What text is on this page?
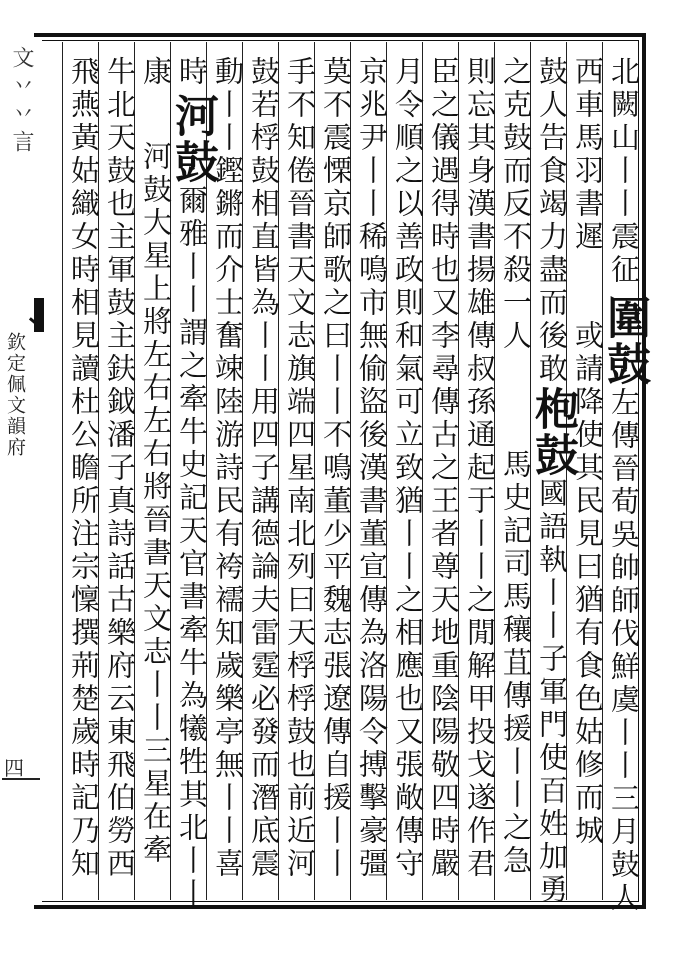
文丷丷言
欽定佩文韻府
四
北闕山丨丨震征圍鼓左傳晉荀吳帥師伐鮮虞丨丨三月鼓人
西車馬羽書遲或請降使其民見曰猶有食色姑修而城
鼓人告食竭力盡而後敢枹鼓國語執丨丨子軍門使百姓加勇
之克鼓而反不殺一人馬史記司馬穰苴傳援丨丨之急
則忘其身漢書揚雄傳叔孫通起于丨丨之閒解甲投戈遂作君
臣之儀遇得時也又李尋傳古之王者尊天地重陰陽敬四時嚴
月令順之以善政則和氣可立致猶丨丨之相應也又張敞傳守
京兆尹丨丨稀鳴市無偷盜後漢書董宣傳為洛陽令搏擊豪彊
莫不震慄京師歌之曰丨丨不鳴董少平魏志張遼傳自援丨丨
手不知倦晉書天文志旗端四星南北列曰天桴桴鼓也前近河
鼓若桴鼓相直皆為丨丨用四子講德論夫雷霆必發而潛底震
動丨丨鏗鏘而介士奮竦陸游詩民有袴襦知歲樂亭無丨丨喜
時河鼓爾雅丨丨謂之牽牛史記天官書牽牛為犧牲其北丨丨
康河鼓大星上將左右左右將晉書天文志丨丨三星在牽
牛北天鼓也主軍鼓主鈇鉞潘子真詩話古樂府云東飛伯勞西
飛燕黃姑織女時相見讀杜公瞻所注宗懍撰荊楚歲時記乃知
